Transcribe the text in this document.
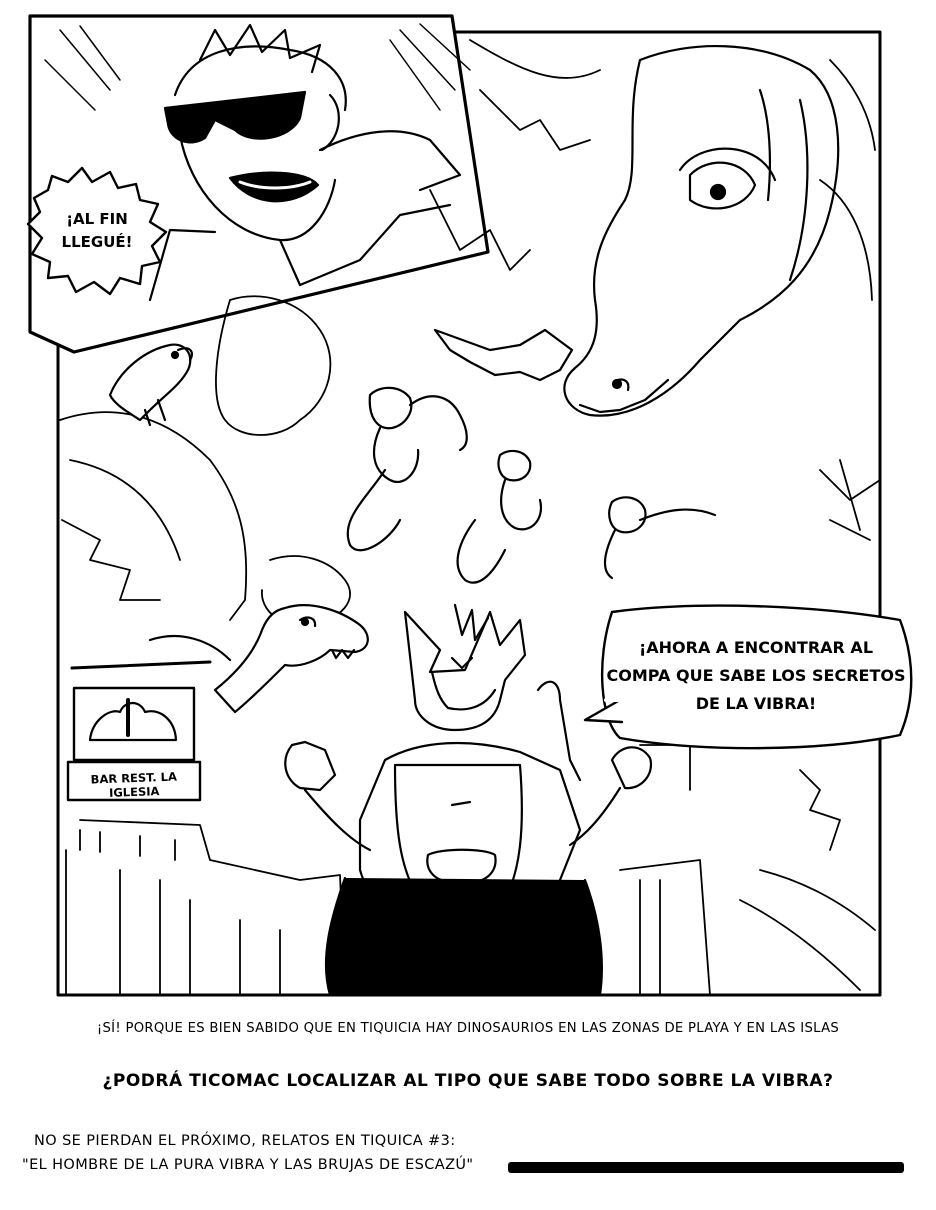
¡AL FIN LLEGUÉ!
¡AHORA A ENCONTRAR AL COMPA QUE SABE LOS SECRETOS DE LA VIBRA!
BAR REST. LA IGLESIA
¡SÍ! PORQUE ES BIEN SABIDO QUE EN TIQUICIA HAY DINOSAURIOS EN LAS ZONAS DE PLAYA Y EN LAS ISLAS
¿PODRÁ TICOMAC LOCALIZAR AL TIPO QUE SABE TODO SOBRE LA VIBRA?
NO SE PIERDAN EL PRÓXIMO, RELATOS EN TIQUICA #3:
"EL HOMBRE DE LA PURA VIBRA Y LAS BRUJAS DE ESCAZÚ"
